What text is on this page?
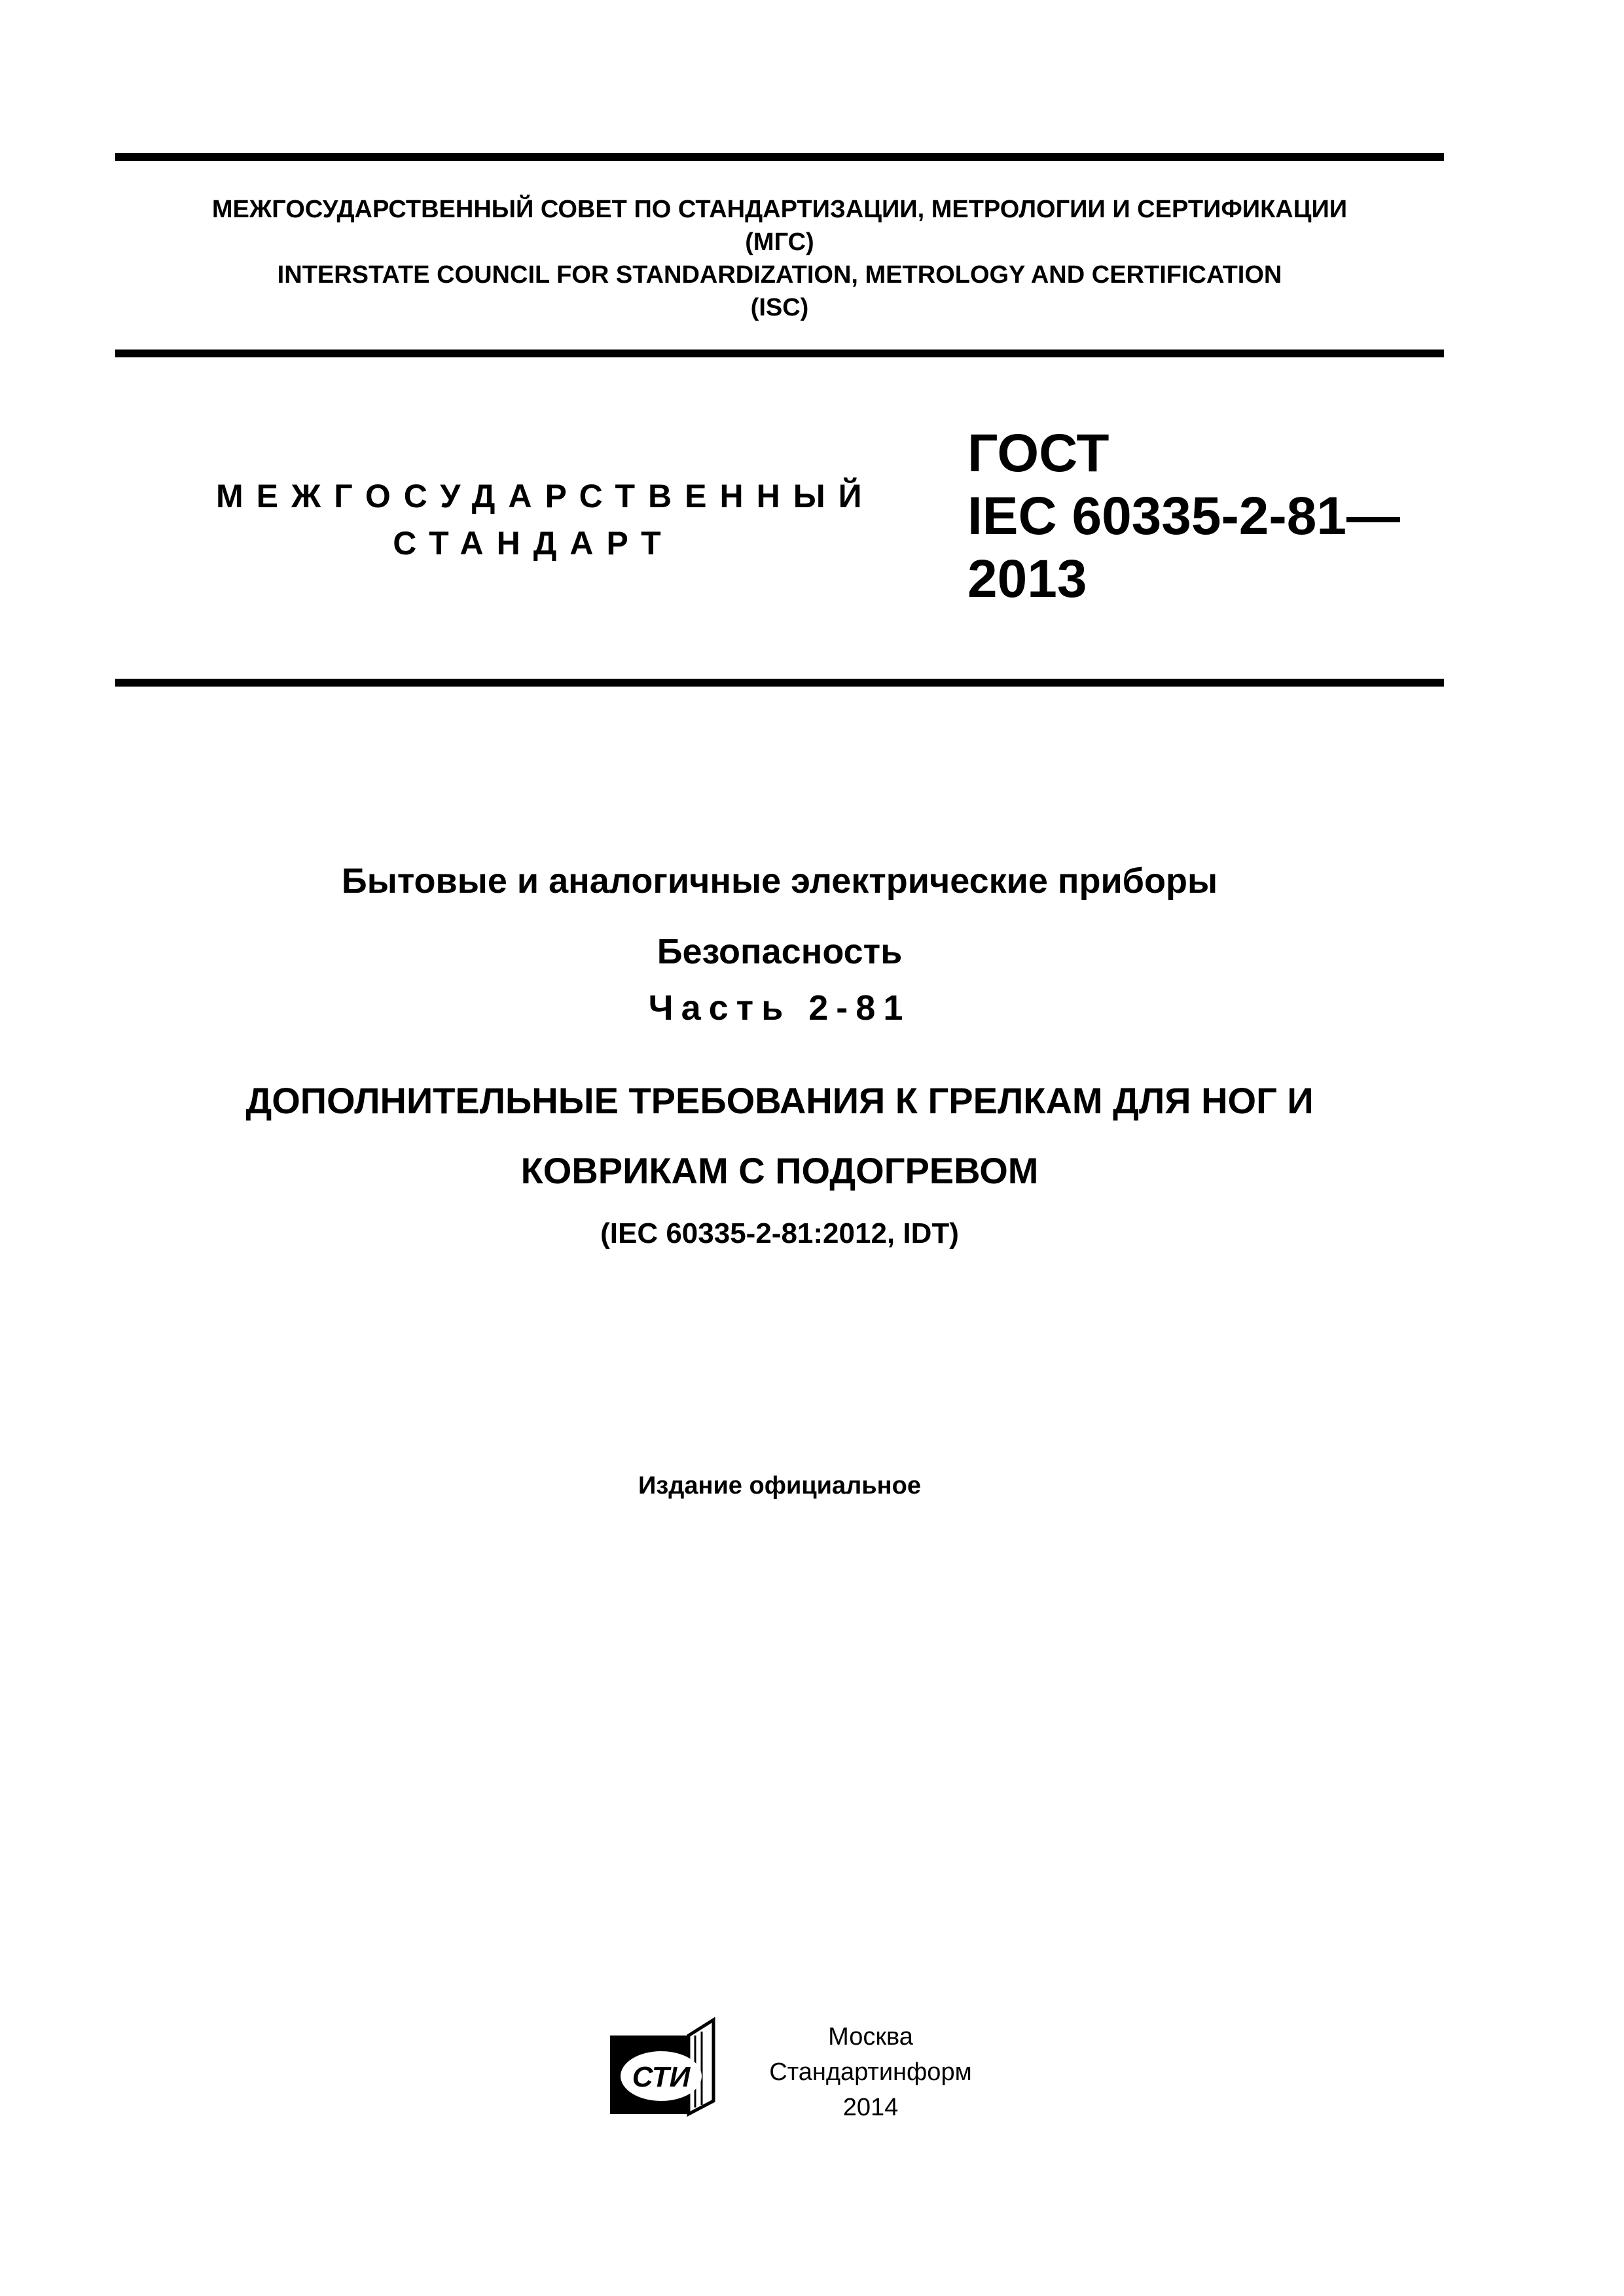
МЕЖГОСУДАРСТВЕННЫЙ СОВЕТ ПО СТАНДАРТИЗАЦИИ, МЕТРОЛОГИИ И СЕРТИФИКАЦИИ
(МГС)
INTERSTATE COUNCIL FOR STANDARDIZATION, METROLOGY AND CERTIFICATION
(ISC)
МЕЖГОСУДАРСТВЕННЫЙ
СТАНДАРТ
ГОСТ
IEC 60335-2-81—
2013
Бытовые и аналогичные электрические приборы
Безопасность
Часть 2-81
ДОПОЛНИТЕЛЬНЫЕ ТРЕБОВАНИЯ К ГРЕЛКАМ ДЛЯ НОГ И
КОВРИКАМ С ПОДОГРЕВОМ
(IEC 60335-2-81:2012, IDT)
Издание официальное
СТИ
Москва
Стандартинформ
2014
